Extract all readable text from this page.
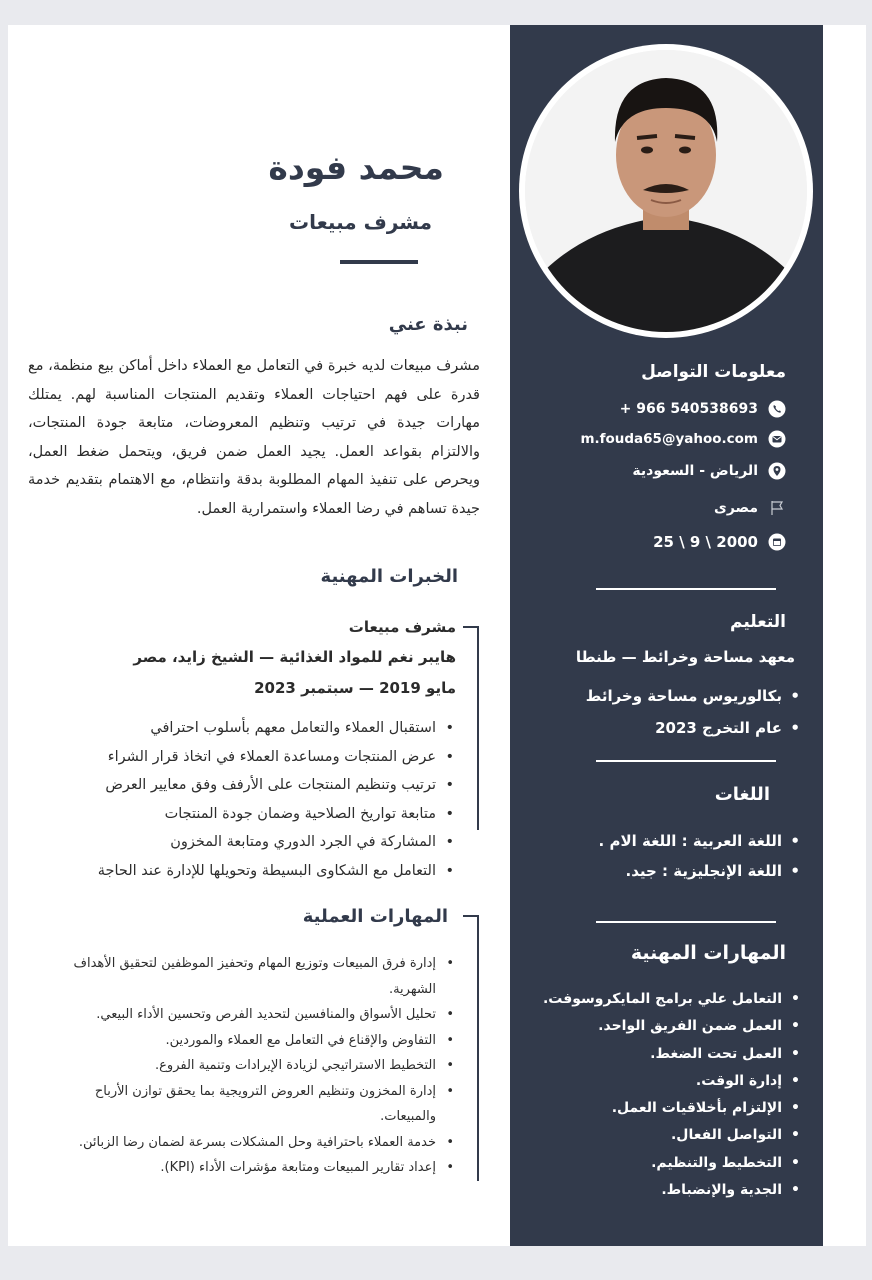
محمد فودة
مشرف مبيعات
نبذة عني
مشرف مبيعات لديه خبرة في التعامل مع العملاء داخل أماكن بيع منظمة، مع قدرة على فهم احتياجات العملاء وتقديم المنتجات المناسبة لهم. يمتلك مهارات جيدة في ترتيب وتنظيم المعروضات، متابعة جودة المنتجات، والالتزام بقواعد العمل. يجيد العمل ضمن فريق، ويتحمل ضغط العمل، ويحرص على تنفيذ المهام المطلوبة بدقة وانتظام، مع الاهتمام بتقديم خدمة جيدة تساهم في رضا العملاء واستمرارية العمل.
الخبرات المهنية
مشرف مبيعات
هايبر نغم للمواد الغذائية — الشيخ زايد، مصر
مايو 2019 — سبتمبر 2023
• استقبال العملاء والتعامل معهم بأسلوب احترافي
• عرض المنتجات ومساعدة العملاء في اتخاذ قرار الشراء
• ترتيب وتنظيم المنتجات على الأرفف وفق معايير العرض
• متابعة تواريخ الصلاحية وضمان جودة المنتجات
• المشاركة في الجرد الدوري ومتابعة المخزون
• التعامل مع الشكاوى البسيطة وتحويلها للإدارة عند الحاجة
المهارات العملية
• إدارة فرق المبيعات وتوزيع المهام وتحفيز الموظفين لتحقيق الأهداف الشهرية.
• تحليل الأسواق والمنافسين لتحديد الفرص وتحسين الأداء البيعي.
• التفاوض والإقناع في التعامل مع العملاء والموردين.
• التخطيط الاستراتيجي لزيادة الإيرادات وتنمية الفروع.
• إدارة المخزون وتنظيم العروض الترويجية بما يحقق توازن الأرباح والمبيعات.
• خدمة العملاء باحترافية وحل المشكلات بسرعة لضمان رضا الزبائن.
• إعداد تقارير المبيعات ومتابعة مؤشرات الأداء (KPI).
معلومات التواصل
+ 966 540538693
m.fouda65@yahoo.com
الرياض - السعودية
مصرى
25 \ 9 \ 2000
التعليم
معهد مساحة وخرائط — طنطا
• بكالوريوس مساحة وخرائط
• عام التخرج 2023
اللغات
• اللغة العربية : اللغة الام .
• اللغة الإنجليزية : جيد.
المهارات المهنية
• التعامل علي برامج المايكروسوفت.
• العمل ضمن الفريق الواحد.
• العمل تحت الضغط.
• إدارة الوقت.
• الإلتزام بأخلاقيات العمل.
• التواصل الفعال.
• التخطيط والتنظيم.
• الجدية والإنضباط.
